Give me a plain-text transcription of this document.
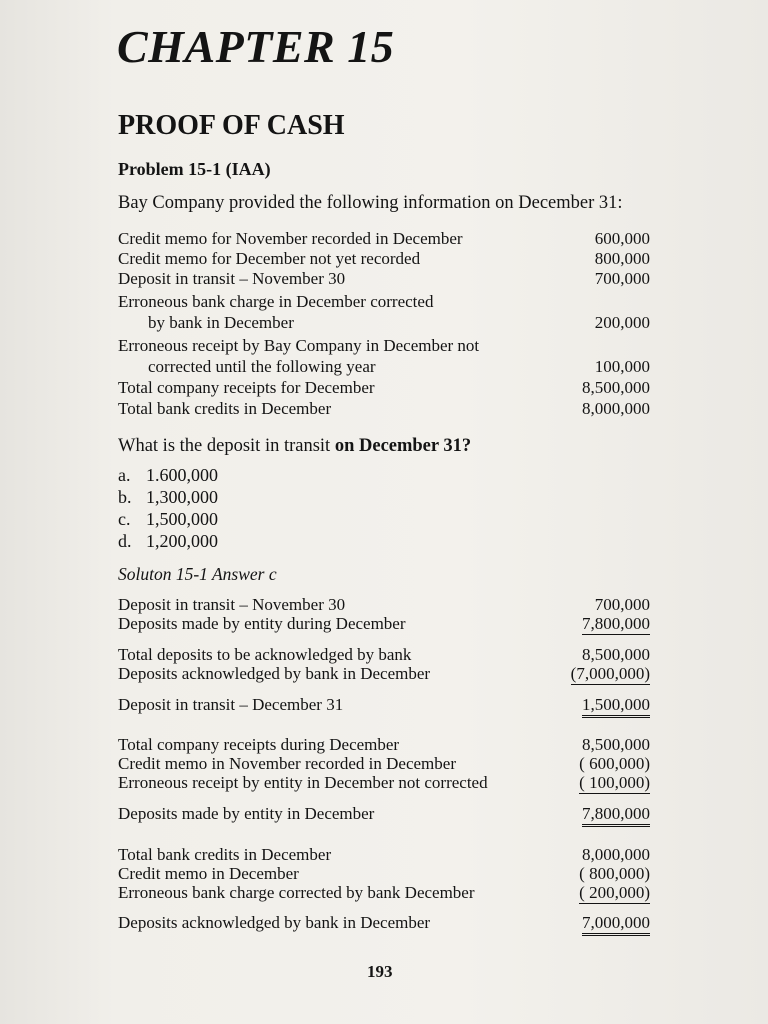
CHAPTER 15
PROOF OF CASH
Problem 15-1 (IAA)
Bay Company provided the following information on December 31:
Credit memo for November recorded in December	600,000
Credit memo for December not yet recorded	800,000
Deposit in transit – November 30	700,000
Erroneous bank charge in December corrected
by bank in December	200,000
Erroneous receipt by Bay Company in December not
corrected until the following year	100,000
Total company receipts for December	8,500,000
Total bank credits in December	8,000,000
What is the deposit in transit on December 31?
a. 1.600,000
b. 1,300,000
c. 1,500,000
d. 1,200,000
Soluton 15-1 Answer c
Deposit in transit – November 30	700,000
Deposits made by entity during December	7,800,000
Total deposits to be acknowledged by bank	8,500,000
Deposits acknowledged by bank in December	(7,000,000)
Deposit in transit – December 31	1,500,000
Total company receipts during December	8,500,000
Credit memo in November recorded in December	( 600,000)
Erroneous receipt by entity in December not corrected	( 100,000)
Deposits made by entity in December	7,800,000
Total bank credits in December	8,000,000
Credit memo in December	( 800,000)
Erroneous bank charge corrected by bank December	( 200,000)
Deposits acknowledged by bank in December	7,000,000
193
